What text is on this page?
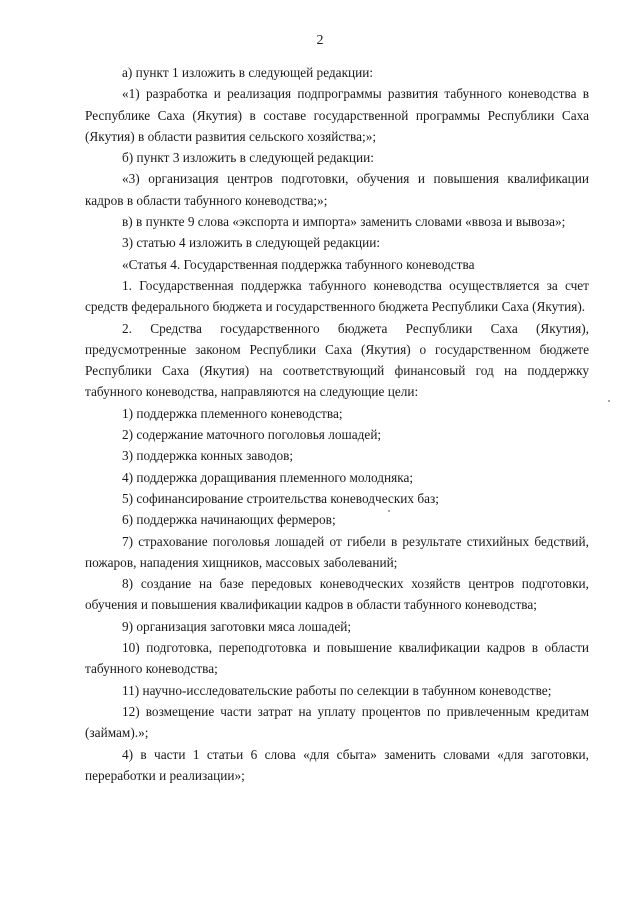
2

а) пункт 1 изложить в следующей редакции:

«1) разработка и реализация подпрограммы развития табунного коневодства в Республике Саха (Якутия) в составе государственной программы Республики Саха (Якутия) в области развития сельского хозяйства;»;

б) пункт 3 изложить в следующей редакции:

«3) организация центров подготовки, обучения и повышения квалификации кадров в области табунного коневодства;»;

в) в пункте 9 слова «экспорта и импорта» заменить словами «ввоза и вывоза»;

3) статью 4 изложить в следующей редакции:

«Статья 4. Государственная поддержка табунного коневодства

1. Государственная поддержка табунного коневодства осуществляется за счет средств федерального бюджета и государственного бюджета Республики Саха (Якутия).

2. Средства государственного бюджета Республики Саха (Якутия), предусмотренные законом Республики Саха (Якутия) о государственном бюджете Республики Саха (Якутия) на соответствующий финансовый год на поддержку табунного коневодства, направляются на следующие цели:

1) поддержка племенного коневодства;

2) содержание маточного поголовья лошадей;

3) поддержка конных заводов;

4) поддержка доращивания племенного молодняка;

5) софинансирование строительства коневодческих баз;

6) поддержка начинающих фермеров;

7) страхование поголовья лошадей от гибели в результате стихийных бедствий, пожаров, нападения хищников, массовых заболеваний;

8) создание на базе передовых коневодческих хозяйств центров подготовки, обучения и повышения квалификации кадров в области табунного коневодства;

9) организация заготовки мяса лошадей;

10) подготовка, переподготовка и повышение квалификации кадров в области табунного коневодства;

11) научно-исследовательские работы по селекции в табунном коневодстве;

12) возмещение части затрат на уплату процентов по привлеченным кредитам (займам).»;

4) в части 1 статьи 6 слова «для сбыта» заменить словами «для заготовки, переработки и реализации»;
